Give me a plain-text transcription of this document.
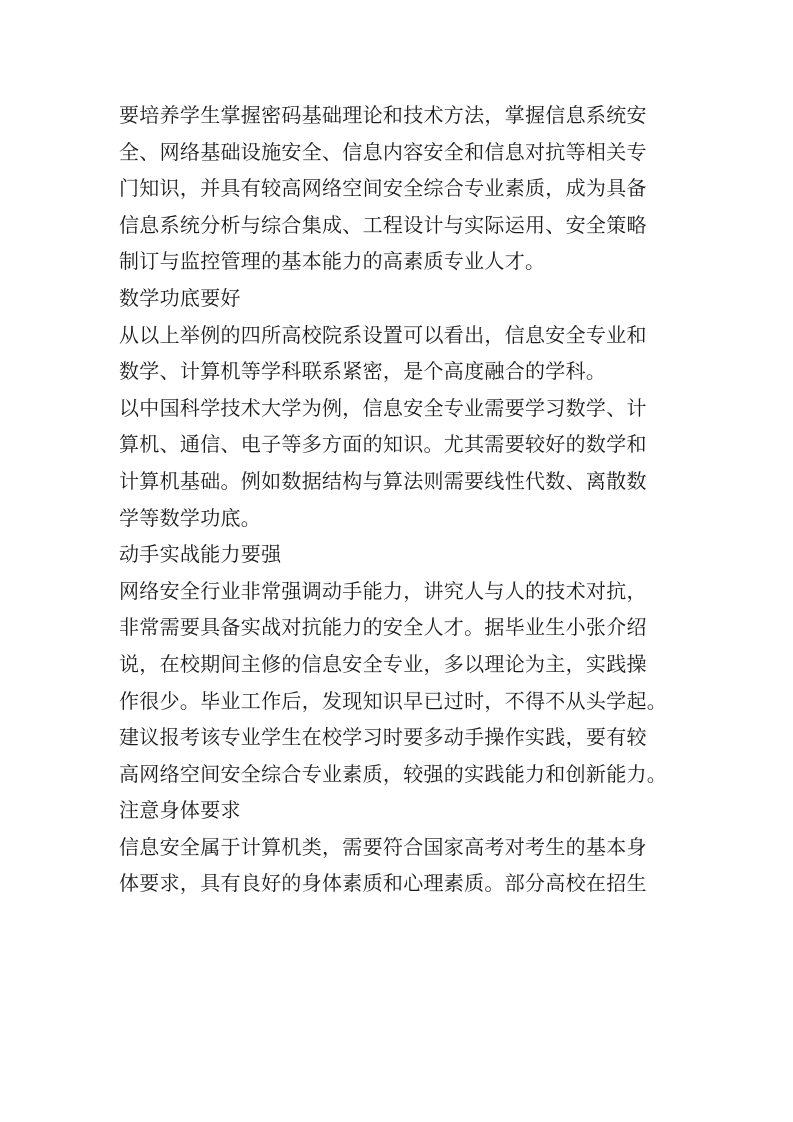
要培养学生掌握密码基础理论和技术方法，掌握信息系统安
全、网络基础设施安全、信息内容安全和信息对抗等相关专
门知识，并具有较高网络空间安全综合专业素质，成为具备
信息系统分析与综合集成、工程设计与实际运用、安全策略
制订与监控管理的基本能力的高素质专业人才。
数学功底要好
从以上举例的四所高校院系设置可以看出，信息安全专业和
数学、计算机等学科联系紧密，是个高度融合的学科。
以中国科学技术大学为例，信息安全专业需要学习数学、计
算机、通信、电子等多方面的知识。尤其需要较好的数学和
计算机基础。例如数据结构与算法则需要线性代数、离散数
学等数学功底。
动手实战能力要强
网络安全行业非常强调动手能力，讲究人与人的技术对抗，
非常需要具备实战对抗能力的安全人才。据毕业生小张介绍
说，在校期间主修的信息安全专业，多以理论为主，实践操
作很少。毕业工作后，发现知识早已过时，不得不从头学起。
建议报考该专业学生在校学习时要多动手操作实践，要有较
高网络空间安全综合专业素质，较强的实践能力和创新能力。
注意身体要求
信息安全属于计算机类，需要符合国家高考对考生的基本身
体要求，具有良好的身体素质和心理素质。部分高校在招生
